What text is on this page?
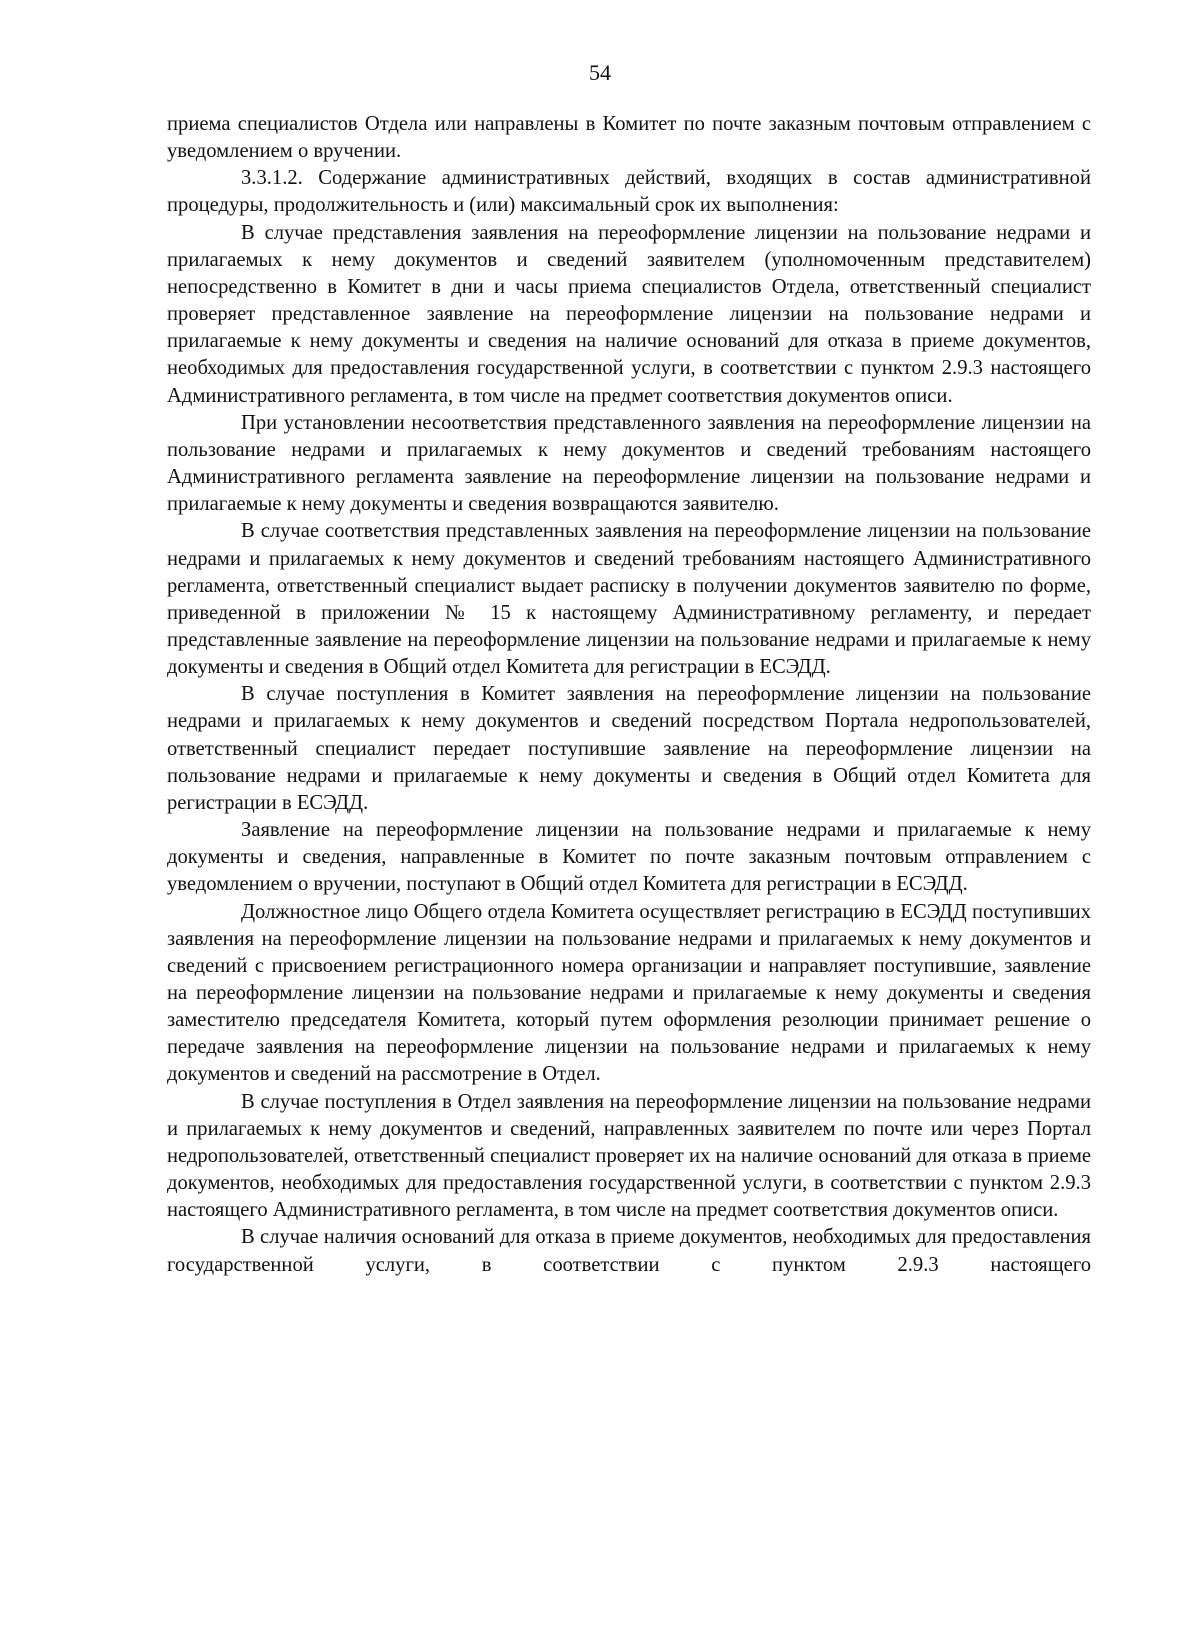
54

приема специалистов Отдела или направлены в Комитет по почте заказным почтовым отправлением с уведомлением о вручении.

3.3.1.2. Содержание административных действий, входящих в состав административной процедуры, продолжительность и (или) максимальный срок их выполнения:

В случае представления заявления на переоформление лицензии на пользование недрами и прилагаемых к нему документов и сведений заявителем (уполномоченным представителем) непосредственно в Комитет в дни и часы приема специалистов Отдела, ответственный специалист проверяет представленное заявление на переоформление лицензии на пользование недрами и прилагаемые к нему документы и сведения на наличие оснований для отказа в приеме документов, необходимых для предоставления государственной услуги, в соответствии с пунктом 2.9.3 настоящего Административного регламента, в том числе на предмет соответствия документов описи.

При установлении несоответствия представленного заявления на переоформление лицензии на пользование недрами и прилагаемых к нему документов и сведений требованиям настоящего Административного регламента заявление на переоформление лицензии на пользование недрами и прилагаемые к нему документы и сведения возвращаются заявителю.

В случае соответствия представленных заявления на переоформление лицензии на пользование недрами и прилагаемых к нему документов и сведений требованиям настоящего Административного регламента, ответственный специалист выдает расписку в получении документов заявителю по форме, приведенной в приложении № 15 к настоящему Административному регламенту, и передает представленные заявление на переоформление лицензии на пользование недрами и прилагаемые к нему документы и сведения в Общий отдел Комитета для регистрации в ЕСЭДД.

В случае поступления в Комитет заявления на переоформление лицензии на пользование недрами и прилагаемых к нему документов и сведений посредством Портала недропользователей, ответственный специалист передает поступившие заявление на переоформление лицензии на пользование недрами и прилагаемые к нему документы и сведения в Общий отдел Комитета для регистрации в ЕСЭДД.

Заявление на переоформление лицензии на пользование недрами и прилагаемые к нему документы и сведения, направленные в Комитет по почте заказным почтовым отправлением с уведомлением о вручении, поступают в Общий отдел Комитета для регистрации в ЕСЭДД.

Должностное лицо Общего отдела Комитета осуществляет регистрацию в ЕСЭДД поступивших заявления на переоформление лицензии на пользование недрами и прилагаемых к нему документов и сведений с присвоением регистрационного номера организации и направляет поступившие, заявление на переоформление лицензии на пользование недрами и прилагаемые к нему документы и сведения заместителю председателя Комитета, который путем оформления резолюции принимает решение о передаче заявления на переоформление лицензии на пользование недрами и прилагаемых к нему документов и сведений на рассмотрение в Отдел.

В случае поступления в Отдел заявления на переоформление лицензии на пользование недрами и прилагаемых к нему документов и сведений, направленных заявителем по почте или через Портал недропользователей, ответственный специалист проверяет их на наличие оснований для отказа в приеме документов, необходимых для предоставления государственной услуги, в соответствии с пунктом 2.9.3 настоящего Административного регламента, в том числе на предмет соответствия документов описи.

В случае наличия оснований для отказа в приеме документов, необходимых для предоставления государственной услуги, в соответствии с пунктом 2.9.3 настоящего
